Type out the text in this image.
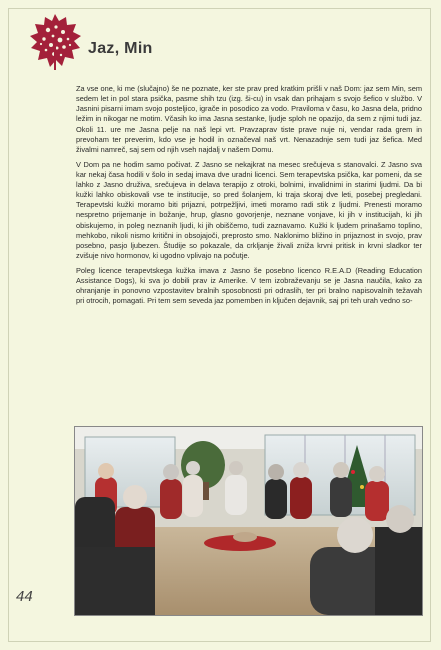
Jaz, Min

Za vse one, ki me (slučajno) še ne poznate, ker ste prav pred kratkim prišli v naš Dom: jaz sem Min, sem sedem let in pol stara psička, pasme shih tzu (izg. ši-cu) in vsak dan prihajam s svojo šefico v službo. V Jasnini pisarni imam svojo posteljico, igrače in posodico za vodo. Praviloma v času, ko Jasna dela, pridno ležim in nikogar ne motim. Včasih ko ima Jasna sestanke, ljudje sploh ne opazijo, da sem z njimi tudi jaz. Okoli 11. ure me Jasna pelje na naš lepi vrt. Pravzaprav tiste prave nuje ni, vendar rada grem in prevoham ter preverim, kdo vse je hodil in označeval naš vrt. Nenazadnje sem tudi jaz šefica. Med živalmi namreč, saj sem od njih vseh najdalj v našem Domu.

V Dom pa ne hodim samo počivat. Z Jasno se nekajkrat na mesec srečujeva s stanovalci. Z Jasno sva kar nekaj časa hodili v šolo in sedaj imava dve uradni licenci. Sem terapevtska psička, kar pomeni, da se lahko z Jasno druživa, srečujeva in delava terapijo z otroki, bolnimi, invalidnimi in starimi ljudmi. Da bi kužki lahko obiskovali vse te institucije, so pred šolanjem, ki traja skoraj dve leti, posebej pregledani. Terapevtski kužki moramo biti prijazni, potrpežljivi, imeti moramo radi stik z ljudmi. Prenesti moramo nespretno prijemanje in božanje, hrup, glasno govorjenje, neznane vonjave, ki jih v institucijah, ki jih obiskujemo, in poleg neznanih ljudi, ki jih obiščemo, tudi zaznavamo. Kužki k ljudem prinašamo toplino, mehkobo, nikoli nismo kritični in obsojajoči, preprosto smo. Naklonimo bližino in prijaznost in svojo, prav posebno, pasjo ljubezen. Študije so pokazale, da crkljanje živali zniža krvni pritisk in krvni sladkor ter zvišuje nivo hormonov, ki ugodno vplivajo na počutje.

Poleg licence terapevtskega kužka imava z Jasno še posebno licenco R.E.A.D (Reading Education Assistance Dogs), ki sva jo dobili prav iz Amerike. V tem izobraževanju se je Jasna naučila, kako za ohranjanje in ponovno vzpostavitev bralnih sposobnosti pri odraslih, ter pri bralno napisovalnih težavah pri otrocih, pomagati. Pri tem sem seveda jaz pomemben in ključen dejavnik, saj pri teh urah vedno so-

44
